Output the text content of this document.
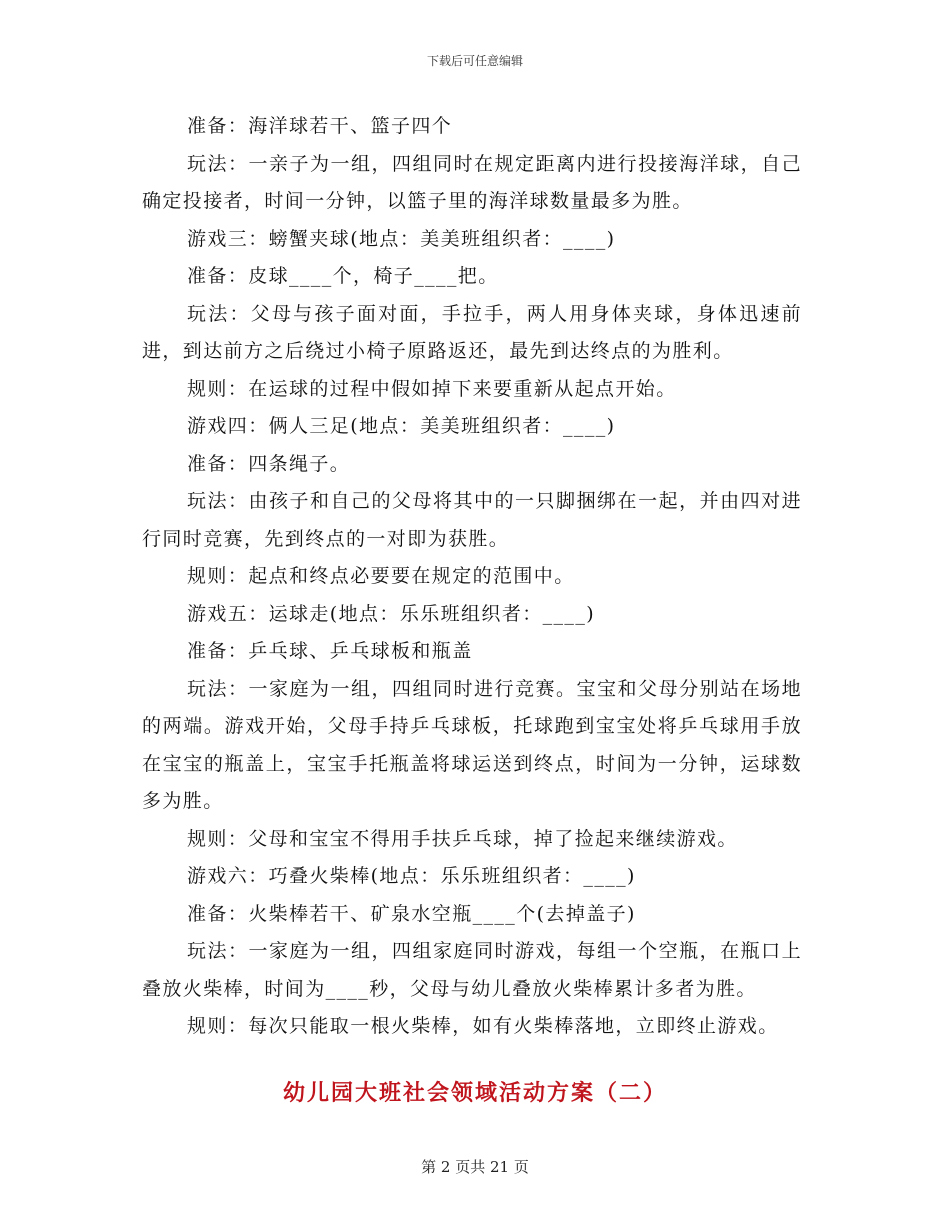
下载后可任意编辑

准备：海洋球若干、篮子四个

玩法：一亲子为一组，四组同时在规定距离内进行投接海洋球，自己确定投接者，时间一分钟，以篮子里的海洋球数量最多为胜。

游戏三：螃蟹夹球(地点：美美班组织者：____)

准备：皮球____个，椅子____把。

玩法：父母与孩子面对面，手拉手，两人用身体夹球，身体迅速前进，到达前方之后绕过小椅子原路返还，最先到达终点的为胜利。

规则：在运球的过程中假如掉下来要重新从起点开始。

游戏四：俩人三足(地点：美美班组织者：____)

准备：四条绳子。

玩法：由孩子和自己的父母将其中的一只脚捆绑在一起，并由四对进行同时竞赛，先到终点的一对即为获胜。

规则：起点和终点必要要在规定的范围中。

游戏五：运球走(地点：乐乐班组织者：____)

准备：乒乓球、乒乓球板和瓶盖

玩法：一家庭为一组，四组同时进行竞赛。宝宝和父母分别站在场地的两端。游戏开始，父母手持乒乓球板，托球跑到宝宝处将乒乓球用手放在宝宝的瓶盖上，宝宝手托瓶盖将球运送到终点，时间为一分钟，运球数多为胜。

规则：父母和宝宝不得用手扶乒乓球，掉了捡起来继续游戏。

游戏六：巧叠火柴棒(地点：乐乐班组织者：____)

准备：火柴棒若干、矿泉水空瓶____个(去掉盖子)

玩法：一家庭为一组，四组家庭同时游戏，每组一个空瓶，在瓶口上叠放火柴棒，时间为____秒，父母与幼儿叠放火柴棒累计多者为胜。

规则：每次只能取一根火柴棒，如有火柴棒落地，立即终止游戏。

幼儿园大班社会领域活动方案（二）
第 2 页共 21 页
